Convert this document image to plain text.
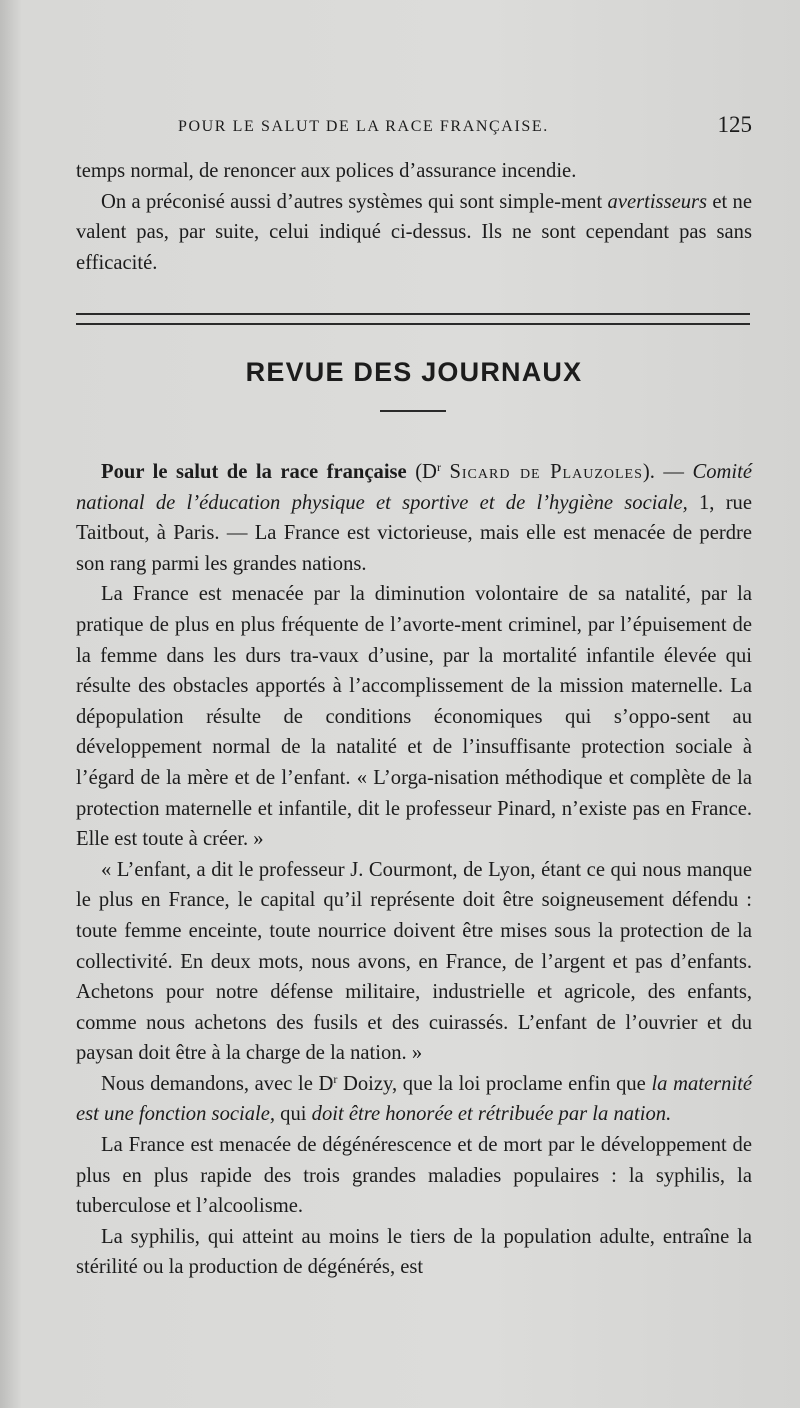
POUR LE SALUT DE LA RACE FRANÇAISE.	125

temps normal, de renoncer aux polices d’assurance incendie.

On a préconisé aussi d’autres systèmes qui sont simple-ment avertisseurs et ne valent pas, par suite, celui indiqué ci-dessus. Ils ne sont cependant pas sans efficacité.

REVUE DES JOURNAUX

Pour le salut de la race française ($D^r$ Sicard de Plauzoles). — Comité national de l’éducation physique et sportive et de l’hygiène sociale, 1, rue Taitbout, à Paris. — La France est victorieuse, mais elle est menacée de perdre son rang parmi les grandes nations.

La France est menacée par la diminution volontaire de sa natalité, par la pratique de plus en plus fréquente de l’avorte-ment criminel, par l’épuisement de la femme dans les durs tra-vaux d’usine, par la mortalité infantile élevée qui résulte des obstacles apportés à l’accomplissement de la mission maternelle. La dépopulation résulte de conditions économiques qui s’oppo-sent au développement normal de la natalité et de l’insuffisante protection sociale à l’égard de la mère et de l’enfant. « L’orga-nisation méthodique et complète de la protection maternelle et infantile, dit le professeur Pinard, n’existe pas en France. Elle est toute à créer. »

« L’enfant, a dit le professeur J. Courmont, de Lyon, étant ce qui nous manque le plus en France, le capital qu’il représente doit être soigneusement défendu : toute femme enceinte, toute nourrice doivent être mises sous la protection de la collectivité. En deux mots, nous avons, en France, de l’argent et pas d’enfants. Achetons pour notre défense militaire, industrielle et agricole, des enfants, comme nous achetons des fusils et des cuirassés. L’enfant de l’ouvrier et du paysan doit être à la charge de la nation. »

Nous demandons, avec le $D^r$ Doizy, que la loi proclame enfin que la maternité est une fonction sociale, qui doit être honorée et rétribuée par la nation.

La France est menacée de dégénérescence et de mort par le développement de plus en plus rapide des trois grandes maladies populaires : la syphilis, la tuberculose et l’alcoolisme.

La syphilis, qui atteint au moins le tiers de la population adulte, entraîne la stérilité ou la production de dégénérés, est
